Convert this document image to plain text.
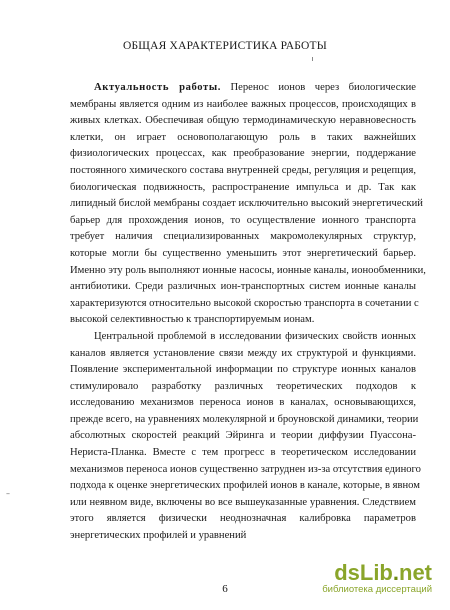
ОБЩАЯ ХАРАКТЕРИСТИКА РАБОТЫ
Актуальность работы. Перенос ионов через биологические
мембраны является одним из наиболее важных процессов, происходящих в
живых клетках. Обеспечивая общую термодинамическую неравновесность
клетки, он играет основополагающую роль в таких важнейших
физиологических процессах, как преобразование энергии, поддержание
постоянного химического состава внутренней среды, регуляция и рецепция,
биологическая подвижность, распространение импульса и др. Так как
липидный бислой мембраны создает исключительно высокий энергетический
барьер для прохождения ионов, то осуществление ионного транспорта
требует наличия специализированных макромолекулярных структур,
которые могли бы существенно уменьшить этот энергетический барьер.
Именно эту роль выполняют ионные насосы, ионные каналы, ионообменники,
антибиотики. Среди различных ион-транспортных систем ионные каналы
характеризуются относительно высокой скоростью транспорта в сочетании с
высокой селективностью к транспортируемым ионам.
Центральной проблемой в исследовании физических свойств ионных
каналов является установление связи между их структурой и функциями.
Появление экспериментальной информации по структуре ионных каналов
стимулировало разработку различных теоретических подходов к
исследованию механизмов переноса ионов в каналах, основывающихся,
прежде всего, на уравнениях молекулярной и броуновской динамики, теории
абсолютных скоростей реакций Эйринга и теории диффузии Пуассона-
Нериста-Планка. Вместе с тем прогресс в теоретическом исследовании
механизмов переноса ионов существенно затруднен из-за отсутствия единого
подхода к оценке энергетических профилей ионов в канале, которые, в явном
или неявном виде, включены во все вышеуказанные уравнения. Следствием
этого является физически неоднозначная калибровка параметров
энергетических профилей и уравнений
–
6
dsLib.net
библиотека диссертаций
